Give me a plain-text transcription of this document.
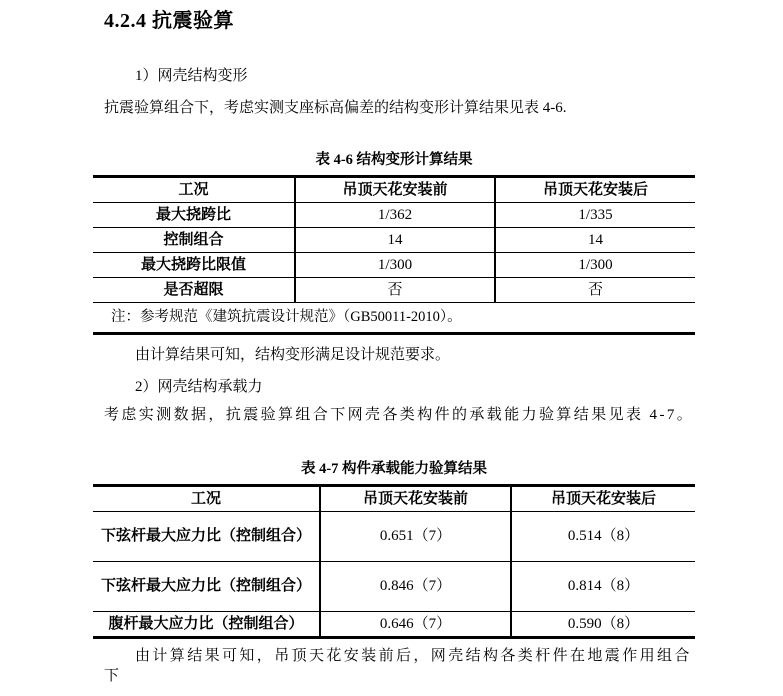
4.2.4 抗震验算

1）网壳结构变形

抗震验算组合下，考虑实测支座标高偏差的结构变形计算结果见表 4-6.

表 4-6 结构变形计算结果
工况	吊顶天花安装前	吊顶天花安装后
最大挠跨比	1/362	1/335
控制组合	14	14
最大挠跨比限值	1/300	1/300
是否超限	否	否
注：参考规范《建筑抗震设计规范》（GB50011-2010）。		

由计算结果可知，结构变形满足设计规范要求。

2）网壳结构承载力

考虑实测数据，抗震验算组合下网壳各类构件的承载能力验算结果见表 4-7。

表 4-7 构件承载能力验算结果
工况	吊顶天花安装前	吊顶天花安装后
下弦杆最大应力比（控制组合）	0.651（7）	0.514（8）
下弦杆最大应力比（控制组合）	0.846（7）	0.814（8）
腹杆最大应力比（控制组合）	0.646（7）	0.590（8）

由计算结果可知，吊顶天花安装前后，网壳结构各类杆件在地震作用组合下
